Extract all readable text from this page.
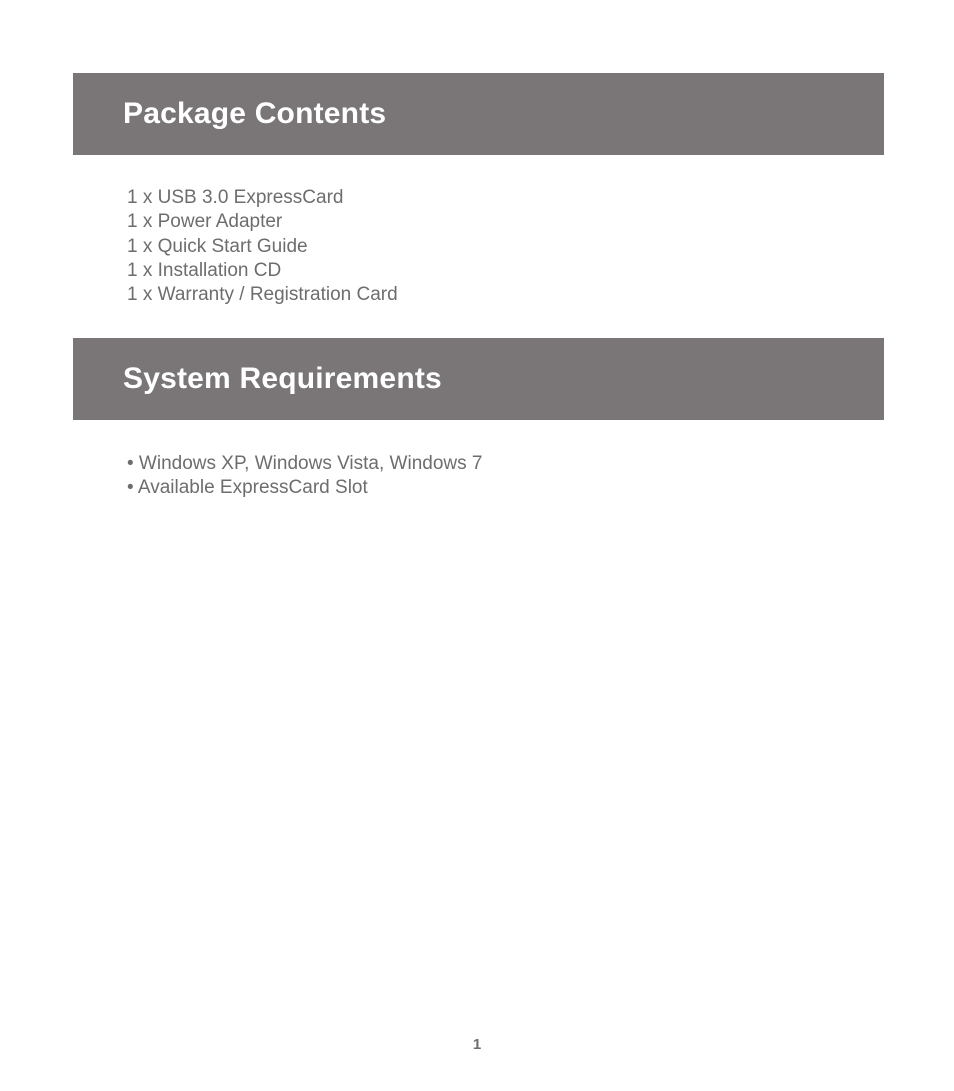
Package Contents
1 x USB 3.0 ExpressCard
1 x Power Adapter
1 x Quick Start Guide
1 x Installation CD
1 x Warranty / Registration Card
System Requirements
• Windows XP, Windows Vista, Windows 7
• Available ExpressCard Slot
1
